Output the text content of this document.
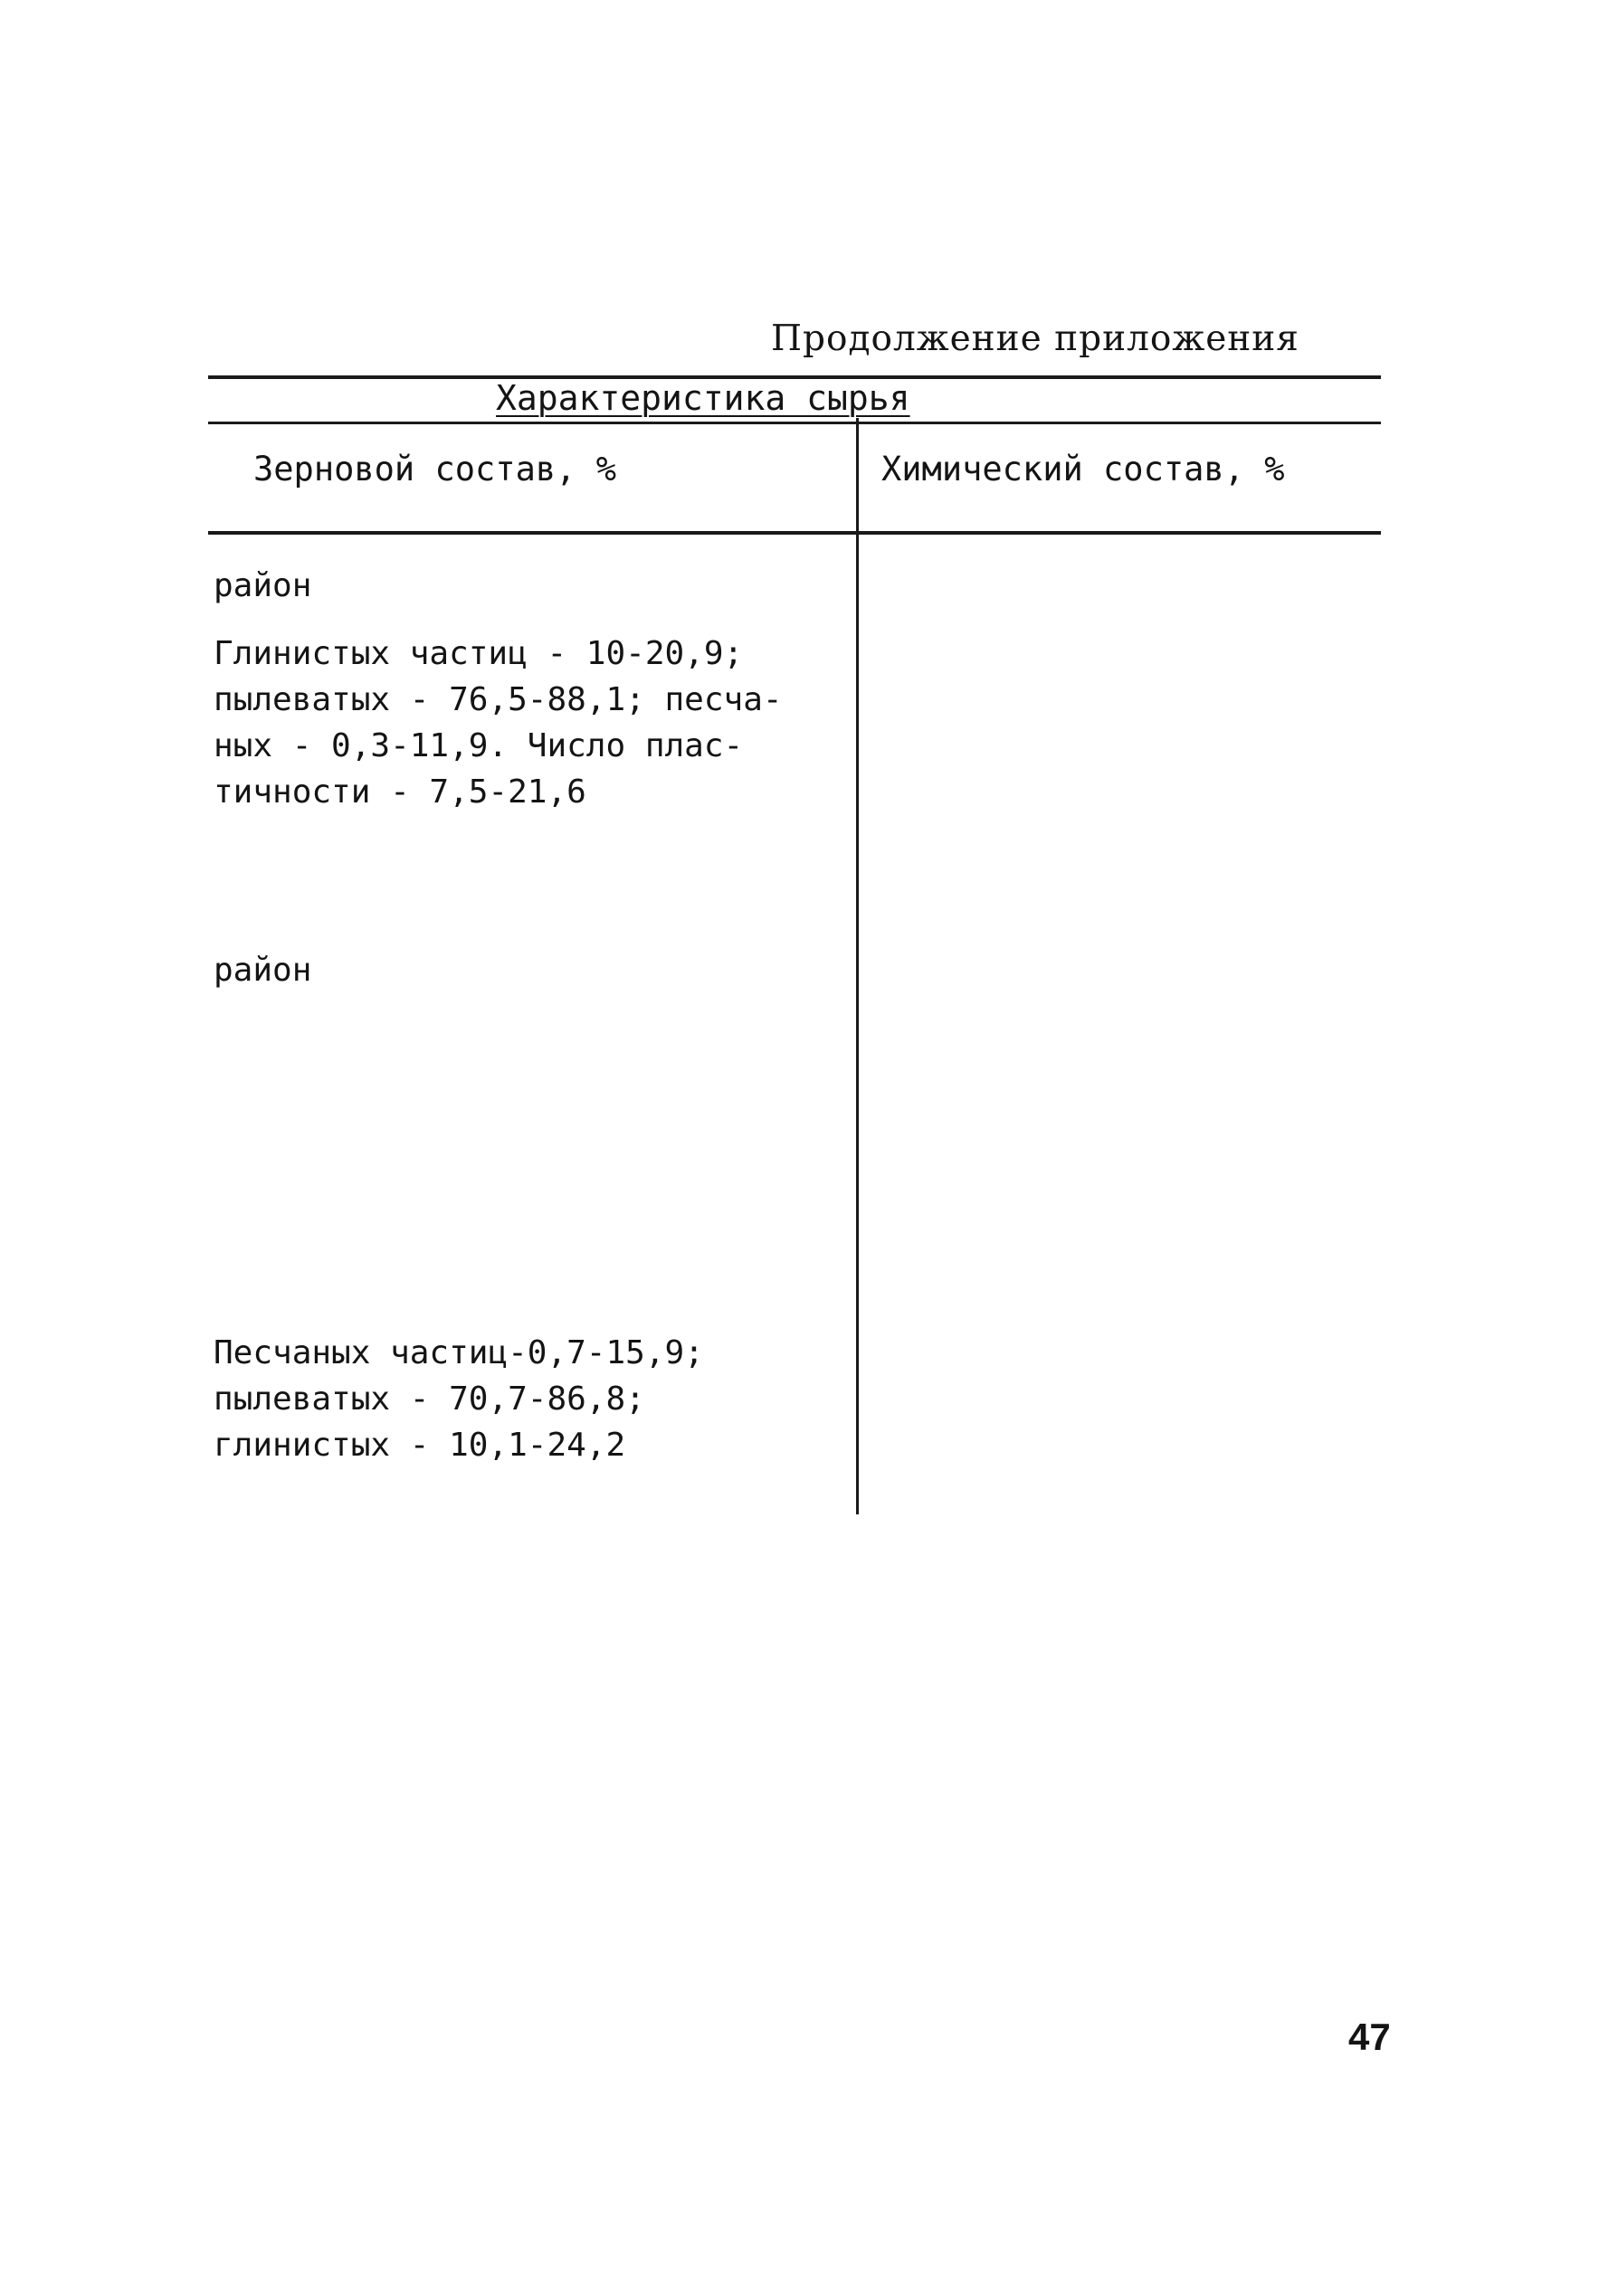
Продолжение приложения
Характеристика сырья
Зерновой состав, %	Химический состав, %
район
Глинистых частиц - 10-20,9;
пылеватых - 76,5-88,1; песча-
ных - 0,3-11,9. Число плас-
тичности - 7,5-21,6
район
Песчаных частиц-0,7-15,9;
пылеватых - 70,7-86,8;
глинистых - 10,1-24,2
47
